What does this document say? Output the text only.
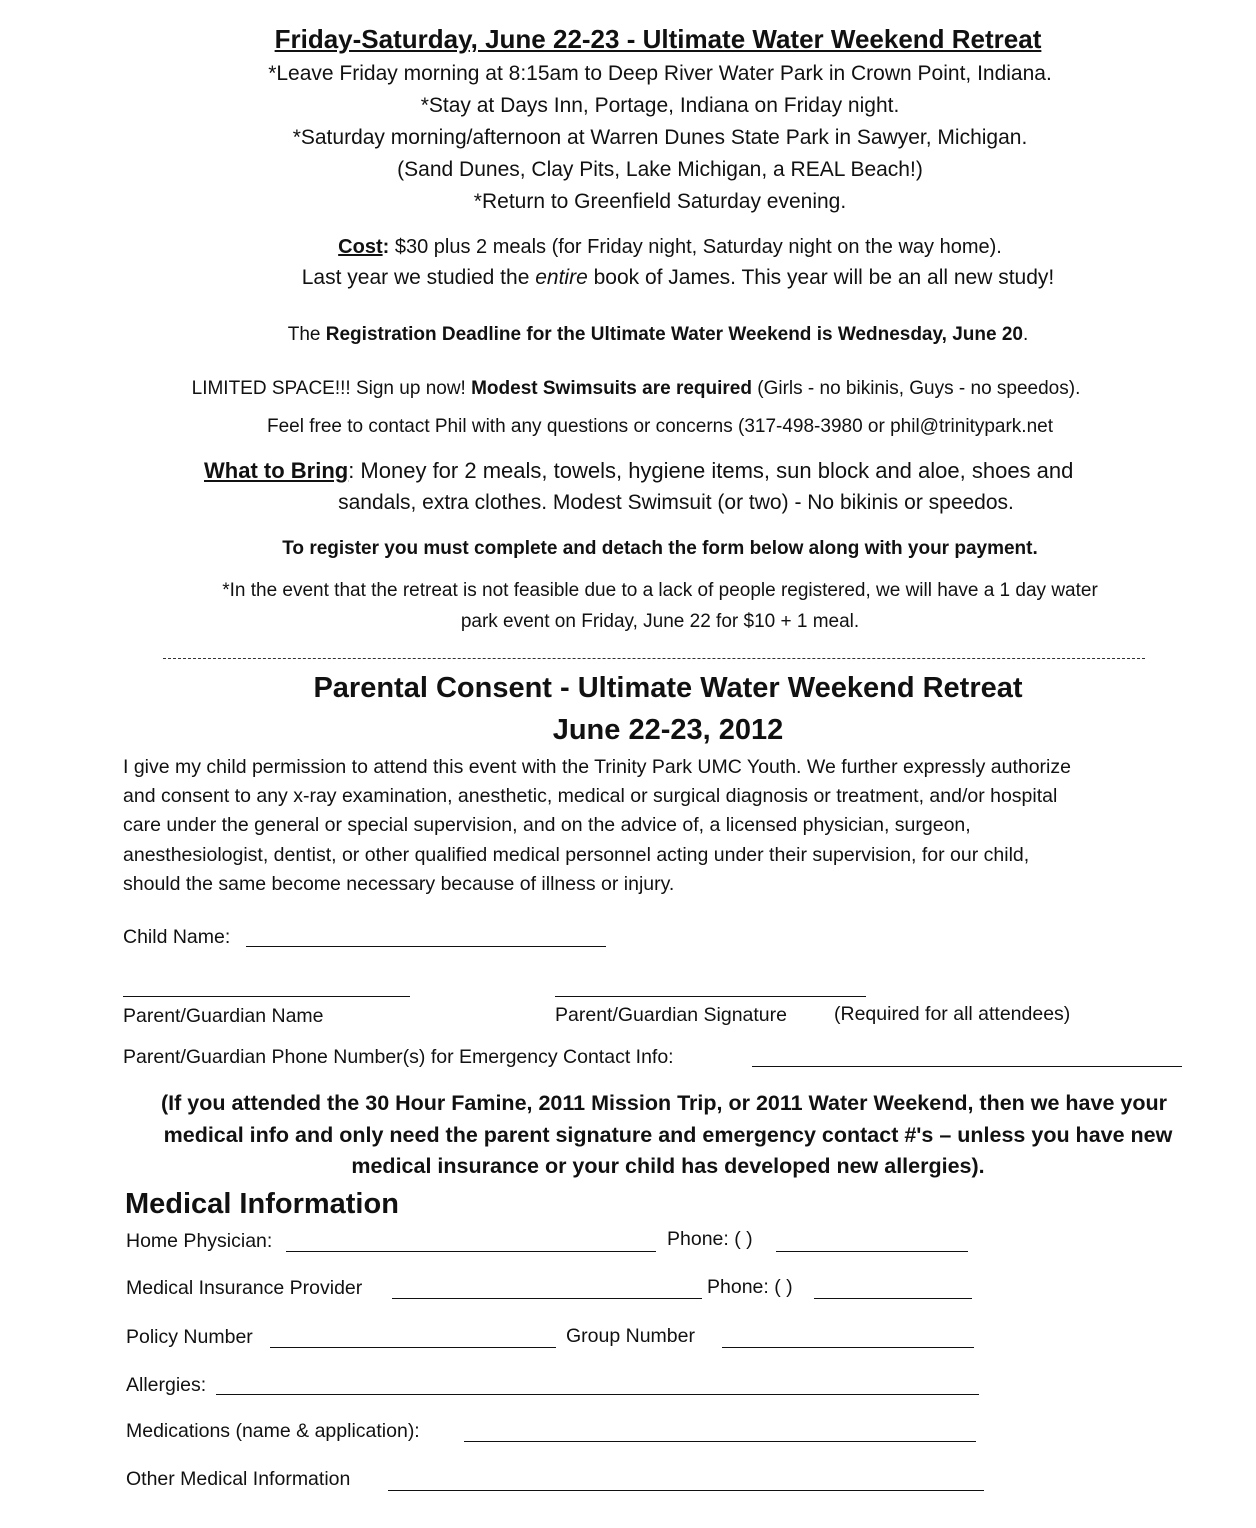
Friday-Saturday, June 22-23 - Ultimate Water Weekend Retreat
*Leave Friday morning at 8:15am to Deep River Water Park in Crown Point, Indiana.
*Stay at Days Inn, Portage, Indiana on Friday night.
*Saturday morning/afternoon at Warren Dunes State Park in Sawyer, Michigan.
(Sand Dunes, Clay Pits, Lake Michigan, a REAL Beach!)
*Return to Greenfield Saturday evening.
Cost: $30 plus 2 meals (for Friday night, Saturday night on the way home).
Last year we studied the entire book of James. This year will be an all new study!
The Registration Deadline for the Ultimate Water Weekend is Wednesday, June 20.
LIMITED SPACE!!! Sign up now! Modest Swimsuits are required (Girls - no bikinis, Guys - no speedos).
Feel free to contact Phil with any questions or concerns (317-498-3980 or phil@trinitypark.net
What to Bring: Money for 2 meals, towels, hygiene items, sun block and aloe, shoes and
sandals, extra clothes. Modest Swimsuit (or two) - No bikinis or speedos.
To register you must complete and detach the form below along with your payment.
*In the event that the retreat is not feasible due to a lack of people registered, we will have a 1 day water
park event on Friday, June 22 for $10 + 1 meal.
Parental Consent - Ultimate Water Weekend Retreat
June 22-23, 2012
I give my child permission to attend this event with the Trinity Park UMC Youth. We further expressly authorize
and consent to any x-ray examination, anesthetic, medical or surgical diagnosis or treatment, and/or hospital
care under the general or special supervision, and on the advice of, a licensed physician, surgeon,
anesthesiologist, dentist, or other qualified medical personnel acting under their supervision, for our child,
should the same become necessary because of illness or injury.
Child Name:
Parent/Guardian Name	Parent/Guardian Signature (Required for all attendees)
Parent/Guardian Phone Number(s) for Emergency Contact Info:
(If you attended the 30 Hour Famine, 2011 Mission Trip, or 2011 Water Weekend, then we have your
medical info and only need the parent signature and emergency contact #'s – unless you have new
medical insurance or your child has developed new allergies).
Medical Information
Home Physician:	Phone: ( )
Medical Insurance Provider	Phone: ( )
Policy Number	Group Number
Allergies:
Medications (name & application):
Other Medical Information
